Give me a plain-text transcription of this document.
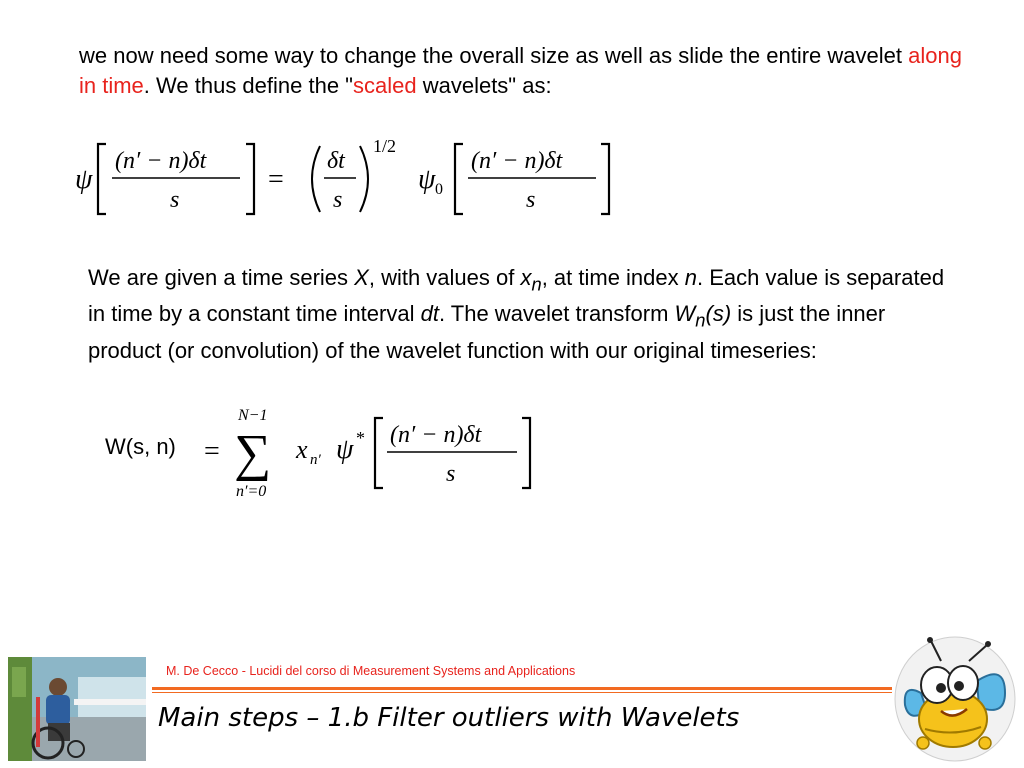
we now need some way to change the overall size as well as slide the entire wavelet along in time. We thus define the "scaled wavelets" as:
ψ
(n′ − n)δt
s
=
δt
s
1/2
ψ 0
(n′ − n)δt
s
We are given a time series X, with values of $x_n$, at time index n. Each value is separated in time by a constant time interval dt. The wavelet transform $W_n(s)$ is just the inner product (or convolution) of the wavelet function with our original timeseries:
W(s, n) =
N−1
∑
n′=0
x n′ ψ * (n′ − n)δt
s
M. De Cecco - Lucidi del corso di Measurement Systems and Applications
Main steps – 1.b Filter outliers with Wavelets
